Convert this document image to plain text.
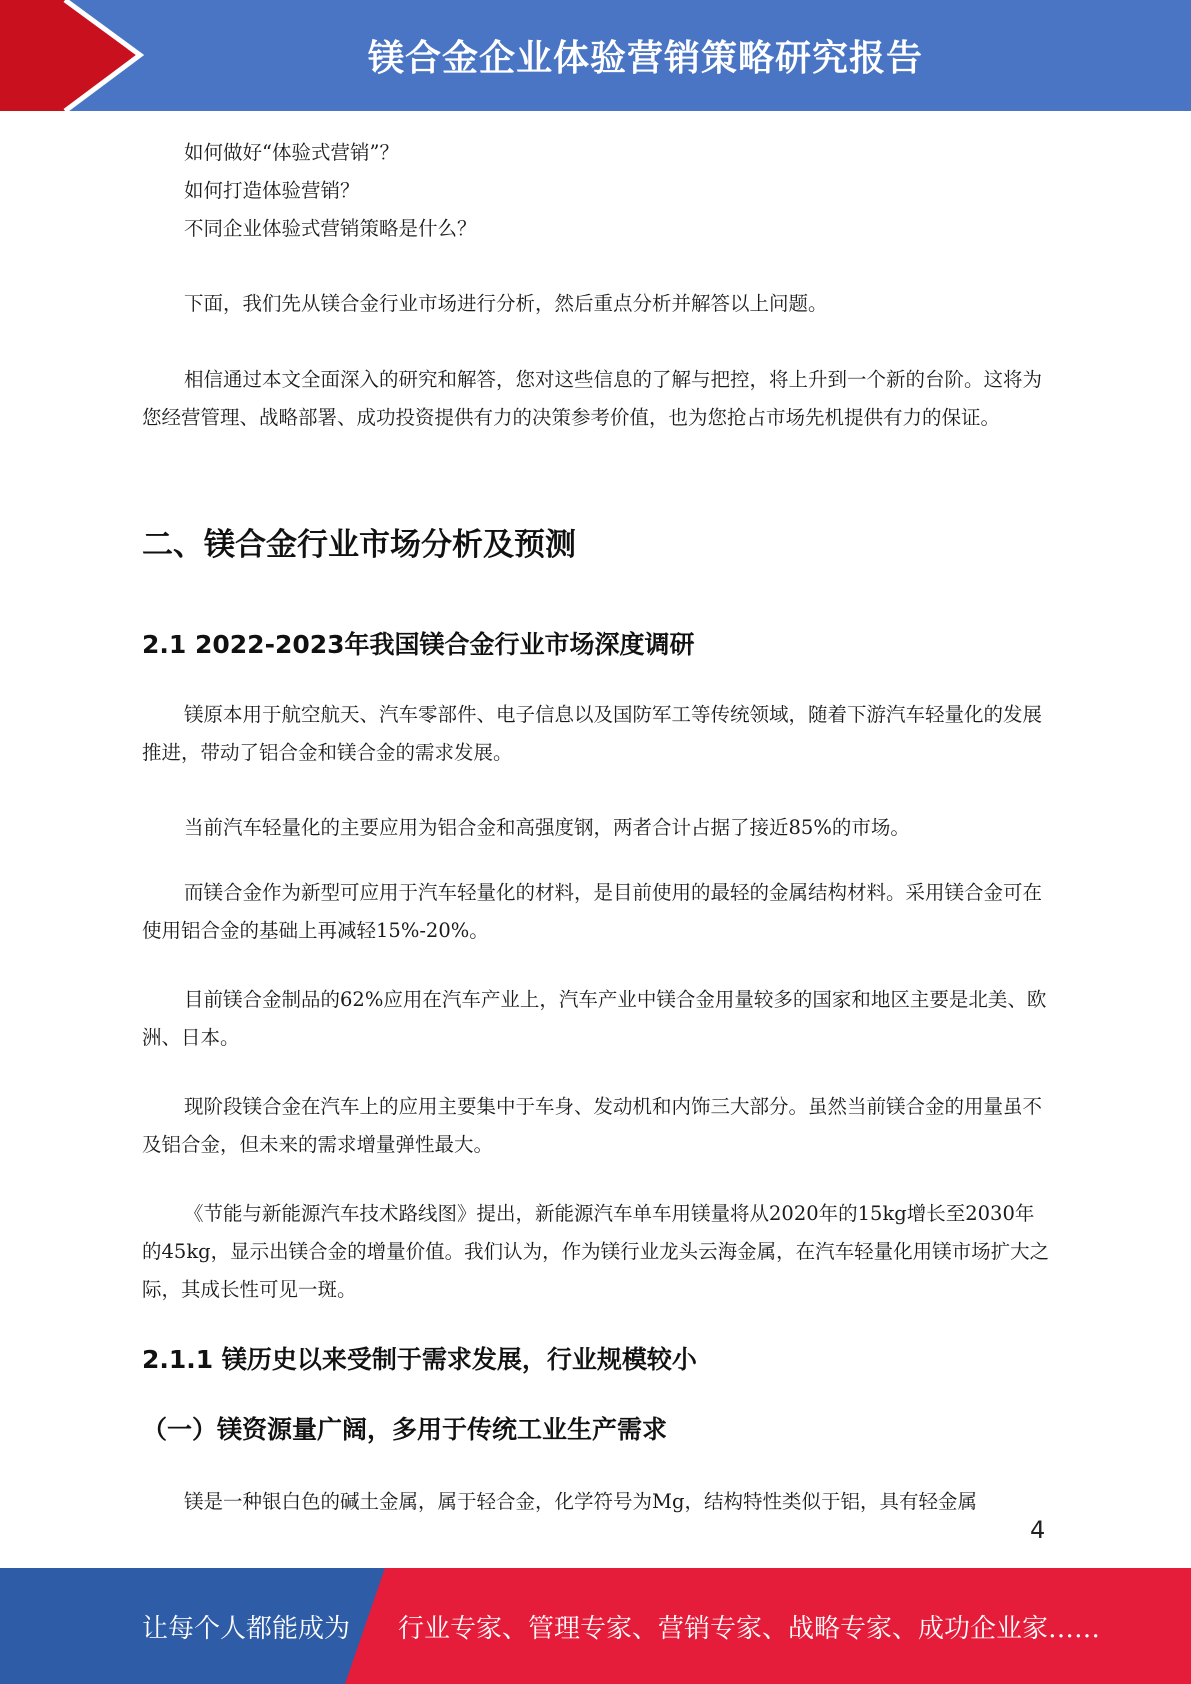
镁合金企业体验营销策略研究报告

如何做好“体验式营销”？

如何打造体验营销？

不同企业体验式营销策略是什么？

下面，我们先从镁合金行业市场进行分析，然后重点分析并解答以上问题。

相信通过本文全面深入的研究和解答，您对这些信息的了解与把控，将上升到一个新的台阶。这将为您经营管理、战略部署、成功投资提供有力的决策参考价值，也为您抢占市场先机提供有力的保证。

二、镁合金行业市场分析及预测
2.1 2022-2023年我国镁合金行业市场深度调研

镁原本用于航空航天、汽车零部件、电子信息以及国防军工等传统领域，随着下游汽车轻量化的发展推进，带动了铝合金和镁合金的需求发展。

当前汽车轻量化的主要应用为铝合金和高强度钢，两者合计占据了接近85%的市场。

而镁合金作为新型可应用于汽车轻量化的材料，是目前使用的最轻的金属结构材料。采用镁合金可在使用铝合金的基础上再减轻15%-20%。

目前镁合金制品的62%应用在汽车产业上，汽车产业中镁合金用量较多的国家和地区主要是北美、欧洲、日本。

现阶段镁合金在汽车上的应用主要集中于车身、发动机和内饰三大部分。虽然当前镁合金的用量虽不及铝合金，但未来的需求增量弹性最大。

《节能与新能源汽车技术路线图》提出，新能源汽车单车用镁量将从2020年的15kg增长至2030年的45kg，显示出镁合金的增量价值。我们认为，作为镁行业龙头云海金属，在汽车轻量化用镁市场扩大之际，其成长性可见一斑。

2.1.1 镁历史以来受制于需求发展，行业规模较小
（一）镁资源量广阔，多用于传统工业生产需求

镁是一种银白色的碱土金属，属于轻合金，化学符号为Mg，结构特性类似于铝，具有轻金属

4
让每个人都能成为 行业专家、管理专家、营销专家、战略专家、成功企业家……
